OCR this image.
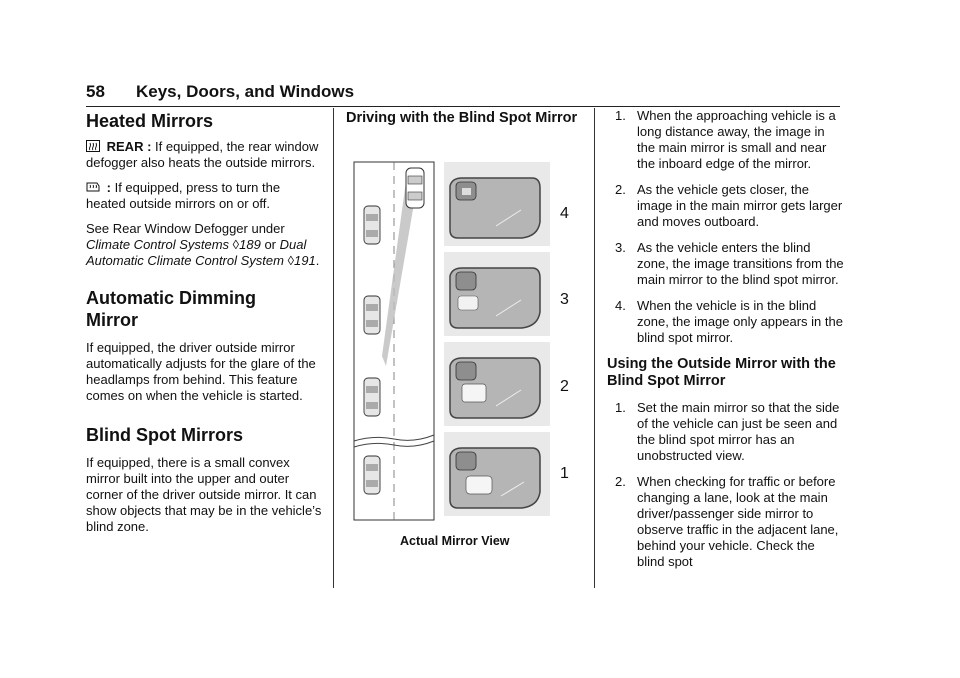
58 Keys, Doors, and Windows
Heated Mirrors

REAR : If equipped, the rear window defogger also heats the outside mirrors.

: If equipped, press to turn the heated outside mirrors on or off.

See Rear Window Defogger under Climate Control Systems ◊189 or Dual Automatic Climate Control System ◊191.

Automatic Dimming Mirror

If equipped, the driver outside mirror automatically adjusts for the glare of the headlamps from behind. This feature comes on when the vehicle is started.

Blind Spot Mirrors

If equipped, there is a small convex mirror built into the upper and outer corner of the driver outside mirror. It can show objects that may be in the vehicle’s blind zone.

Driving with the Blind Spot Mirror
4
3
2
1
Actual Mirror View
1. When the approaching vehicle is a long distance away, the image in the main mirror is small and near the inboard edge of the mirror.
2. As the vehicle gets closer, the image in the main mirror gets larger and moves outboard.
3. As the vehicle enters the blind zone, the image transitions from the main mirror to the blind spot mirror.
4. When the vehicle is in the blind zone, the image only appears in the blind spot mirror.
Using the Outside Mirror with the Blind Spot Mirror
1. Set the main mirror so that the side of the vehicle can just be seen and the blind spot mirror has an unobstructed view.
2. When checking for traffic or before changing a lane, look at the main driver/passenger side mirror to observe traffic in the adjacent lane, behind your vehicle. Check the blind spot
